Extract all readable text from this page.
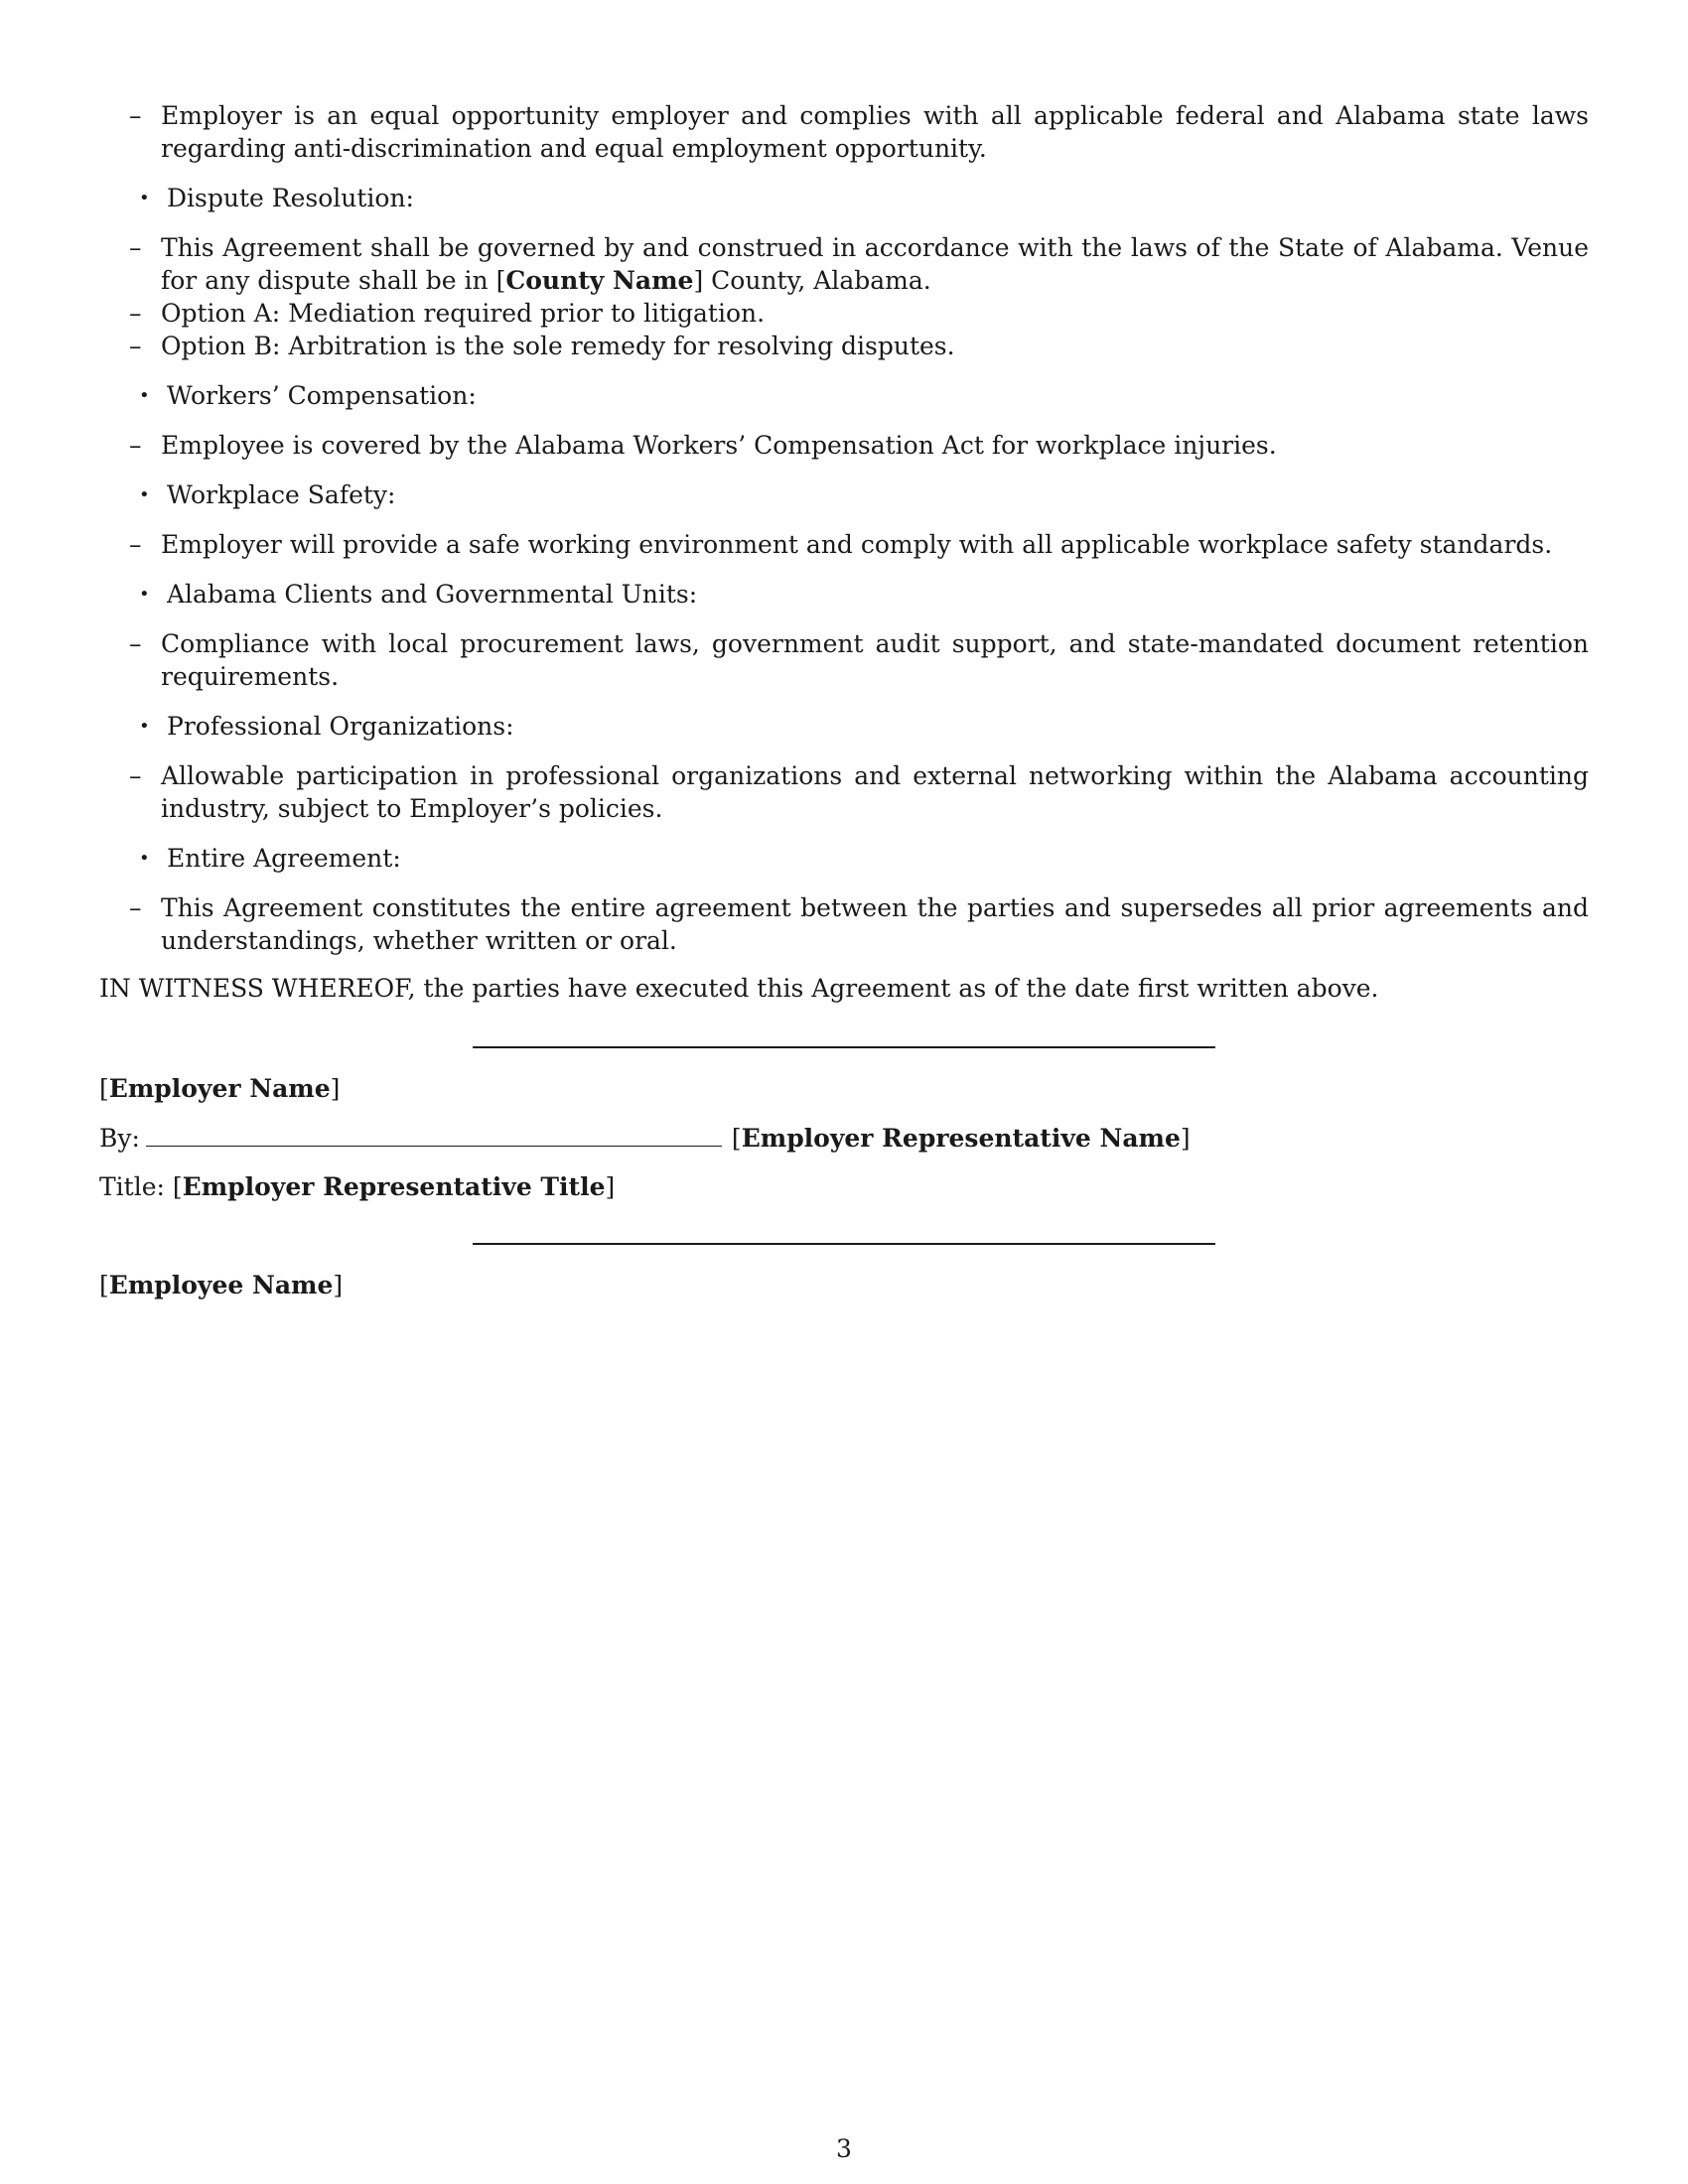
– Employer is an equal opportunity employer and complies with all applicable federal and Alabama state laws regarding anti-discrimination and equal employment opportunity.
• Dispute Resolution:
– This Agreement shall be governed by and construed in accordance with the laws of the State of Alabama. Venue for any dispute shall be in [County Name] County, Alabama.
– Option A: Mediation required prior to litigation.
– Option B: Arbitration is the sole remedy for resolving disputes.
• Workers’ Compensation:
– Employee is covered by the Alabama Workers’ Compensation Act for workplace injuries.
• Workplace Safety:
– Employer will provide a safe working environment and comply with all applicable workplace safety standards.
• Alabama Clients and Governmental Units:
– Compliance with local procurement laws, government audit support, and state-mandated document retention requirements.
• Professional Organizations:
– Allowable participation in professional organizations and external networking within the Alabama accounting industry, subject to Employer’s policies.
• Entire Agreement:
– This Agreement constitutes the entire agreement between the parties and supersedes all prior agreements and understandings, whether written or oral.
IN WITNESS WHEREOF, the parties have executed this Agreement as of the date first written above.
[Employer Name]
By:	[Employer Representative Name]
Title: [Employer Representative Title]
[Employee Name]
3
